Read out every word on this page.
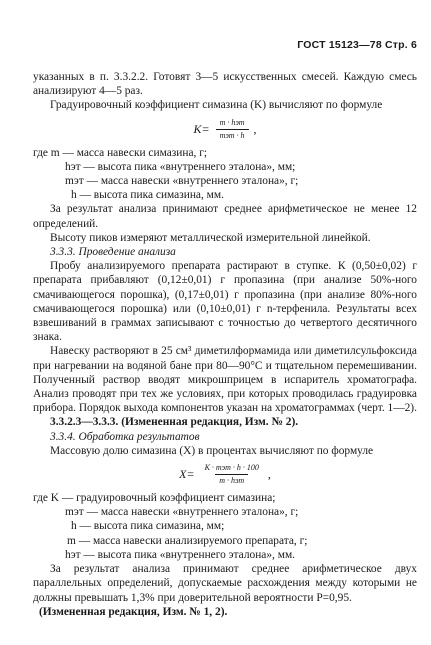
ГОСТ 15123—78 Стр. 6

указанных в п. 3.3.2.2. Готовят 3—5 искусственных смесей. Каждую смесь анализируют 4—5 раз.

Градуировочный коэффициент симазина (K) вычисляют по формуле

$K= \frac{\text{m · hэт}}{\text{mэт · h}}$ ,

где m — масса навески симазина, г;

hэт — высота пика «внутреннего эталона», мм;

mэт — масса навески «внутреннего эталона», г;

h — высота пика симазина, мм.

За результат анализа принимают среднее арифметическое не менее 12 определений.

Высоту пиков измеряют металлической измерительной линейкой.

3.3.3. Проведение анализа

Пробу анализируемого препарата растирают в ступке. К (0,50±0,02) г препарата прибавляют (0,12±0,01) г пропазина (при анализе 50%-ного смачивающегося порошка), (0,17±0,01) г пропазина (при анализе 80%-ного смачивающегося порошка) или (0,10±0,01) г n-терфенила. Результаты всех взвешиваний в граммах записывают с точностью до четвертого десятичного знака.

Навеску растворяют в 25 см³ диметилформамида или диметилсульфоксида при нагревании на водяной бане при 80—90°С и тщательном перемешивании. Полученный раствор вводят микрошприцем в испаритель хроматографа. Анализ проводят при тех же условиях, при которых проводилась градуировка прибора. Порядок выхода компонентов указан на хроматограммах (черт. 1—2).

3.3.2.3—3.3.3. (Измененная редакция, Изм. № 2).

3.3.4. Обработка результатов

Массовую долю симазина (X) в процентах вычисляют по формуле

$X= \frac{\text{K · mэт · h · 100}}{\text{m · hэт}}$ ,

где K — градуировочный коэффициент симазина;

mэт — масса навески «внутреннего эталона», г;

h — высота пика симазина, мм;

m — масса навески анализируемого препарата, г;

hэт — высота пика «внутреннего эталона», мм.

За результат анализа принимают среднее арифметическое двух параллельных определений, допускаемые расхождения между которыми не должны превышать 1,3% при доверительной вероятности P=0,95.

(Измененная редакция, Изм. № 1, 2).
